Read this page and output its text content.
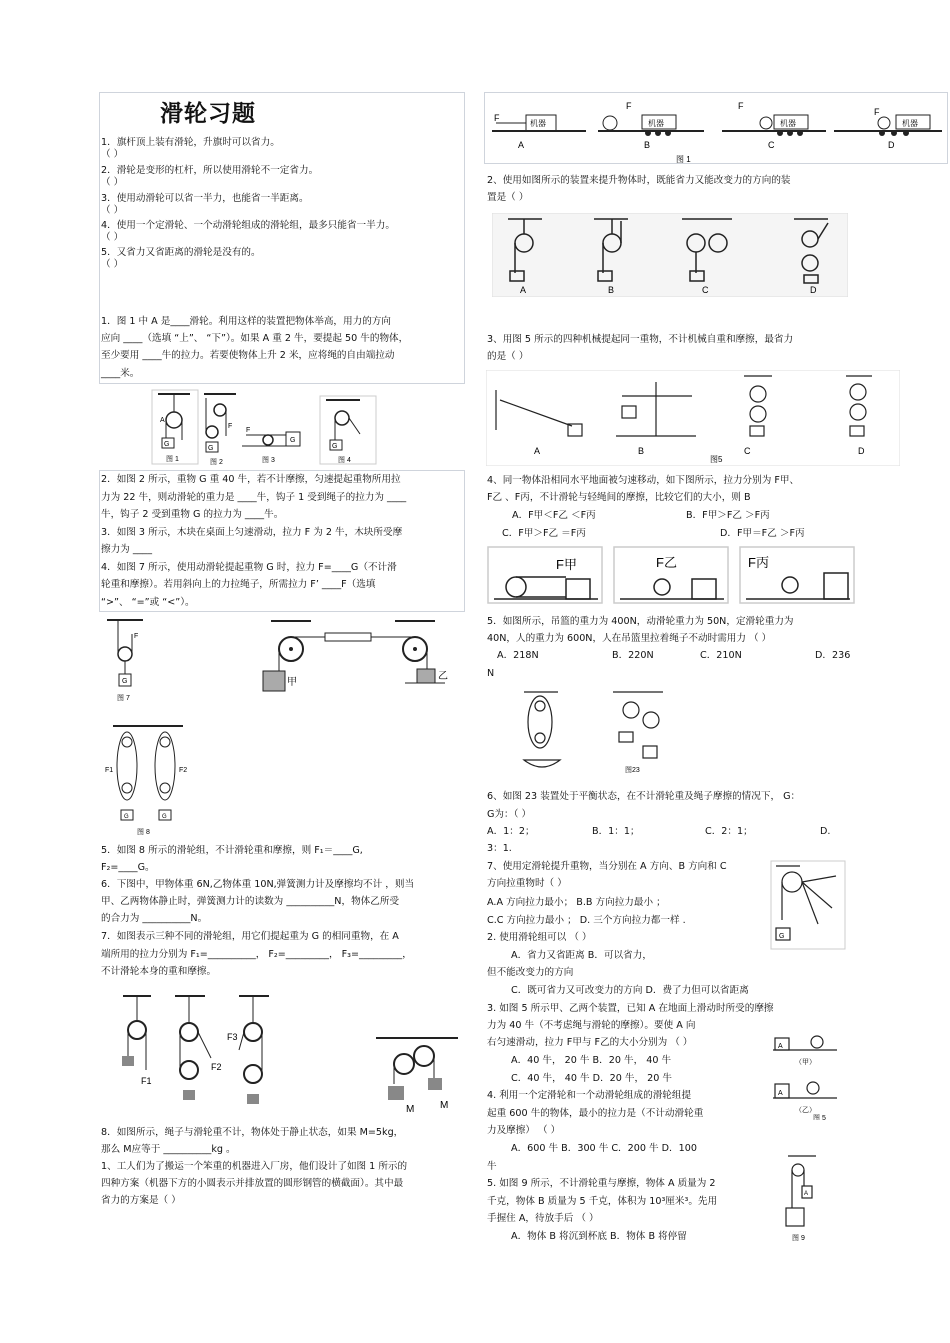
滑轮习题
1．旗杆顶上装有滑轮，升旗时可以省力。
（ ）
2．滑轮是变形的杠杆，所以使用滑轮不一定省力。
（ ）
3．使用动滑轮可以省一半力，也能省一半距离。
（ ）
4．使用一个定滑轮、一个动滑轮组成的滑轮组，最多只能省一半力。
（ ）
5．又省力又省距离的滑轮是没有的。
（ ）
1．图 1 中 A 是____滑轮。利用这样的装置把物体举高，用力的方向
应向 ____（选填 “上”、 “下”）。如果 A 重 2 牛，要提起 50 牛的物体，
至少要用 ____牛的拉力。若要使物体上升 2 米，应将绳的自由端拉动
____米。
2．如图 2 所示，重物 G 重 40 牛，若不计摩擦，匀速提起重物所用拉
力为 22 牛，则动滑轮的重力是 ____牛，钩子 1 受到绳子的拉力为 ____
牛，钩子 2 受到重物 G 的拉力为 ____牛。
3．如图 3 所示，木块在桌面上匀速滑动，拉力 F 为 2 牛，木块所受摩
擦力为 ____
4．如图 7 所示，使用动滑轮提起重物 G 时，拉力 F=____G（不计滑
轮重和摩擦）。若用斜向上的力拉绳子，所需拉力 F’ ____F（选填
“>”、 “=”或 “<”）。
5．如图 8 所示的滑轮组，不计滑轮重和摩擦，则 F₁＝____G,
F₂=____G。
6．下图中，甲物体重 6N,乙物体重 10N,弹簧测力计及摩擦均不计 ，则当
甲、乙两物体静止时，弹簧测力计的读数为 __________N，物体乙所受
的合力为 __________N。
7．如图表示三种不同的滑轮组，用它们提起重为 G 的相同重物，在 A
端所用的拉力分别为 F₁=__________， F₂=_________， F₃=_________，
不计滑轮本身的重和摩擦。
8．如图所示，绳子与滑轮重不计，物体处于静止状态，如果 M=5kg，
那么 M应等于 __________kg 。
1、工人们为了搬运一个笨重的机器进入厂房，他们设计了如图 1 所示的
四种方案（机器下方的小圆表示并排放置的圆形钢管的横截面）。其中最
省力的方案是（ ）
2、使用如图所示的装置来提升物体时，既能省力又能改变力的方向的装
置是（ ）
3、用图 5 所示的四种机械提起同一重物，不计机械自重和摩擦，最省力
的是（ ）
4、同一物体沿相同水平地面被匀速移动，如下图所示，拉力分别为 F甲、
F乙 、F丙，不计滑轮与轻绳间的摩擦，比较它们的大小，则 B
A．F甲＜F乙 ＜F丙	B．F甲＞F乙 ＞F丙
C．F甲＞F乙 ＝F丙	D．F甲＝F乙 ＞F丙
5．如图所示，吊篮的重力为 400N，动滑轮重力为 50N，定滑轮重力为
40N，人的重力为 600N，人在吊篮里拉着绳子不动时需用力 （ ）
A．218N	B．220N	C．210N	D．236
N
6、如图 23 装置处于平衡状态，在不计滑轮重及绳子摩擦的情况下， G：
G为：（ ）
A．1：2；	B．1：1；	C．2：1；	D.
3：1.
7、使用定滑轮提升重物，当分别在 A 方向、B 方向和 C
方向拉重物时（ ）
A.A 方向拉力最小； B.B 方向拉力最小 ；
C.C 方向拉力最小 ； D. 三个方向拉力都一样 .
2. 使用滑轮组可以 （ ）
A．省力又省距离 B．可以省力，
但不能改变力的方向
C．既可省力又可改变力的方向 D．费了力但可以省距离
3. 如图 5 所示甲、乙两个装置，已知 A 在地面上滑动时所受的摩擦
力为 40 牛（不考虑绳与滑轮的摩擦）。要使 A 向
右匀速滑动，拉力 F甲与 F乙的大小分别为 （ ）
A．40 牛， 20 牛 B．20 牛， 40 牛
C．40 牛， 40 牛 D．20 牛， 20 牛
4. 利用一个定滑轮和一个动滑轮组成的滑轮组提
起重 600 牛的物体，最小的拉力是（不计动滑轮重
力及摩擦） （ ）
A．600 牛 B．300 牛 C．200 牛 D．100
牛
5. 如图 9 所示，不计滑轮重与摩擦，物体 A 质量为 2
千克，物体 B 质量为 5 千克，体积为 10³厘米³。先用
手握住 A，待放手后 （ ）
A．物体 B 将沉到杯底 B．物体 B 将停留
G
A
图 1
G
F
图 2
F
G
图 3
G
图 4
F
G
图 7
甲
乙
G	G
F1	F2
图 8
F1
F2
F3
M	M
机器	机器	机器	机器
F
F	F
F
A	B	C	D
图 1
A	B	C	D
A	B	C	D
图5
F甲	F乙	F丙
图23
G
A
A
（甲）
（乙）
图 5
A
图 9
